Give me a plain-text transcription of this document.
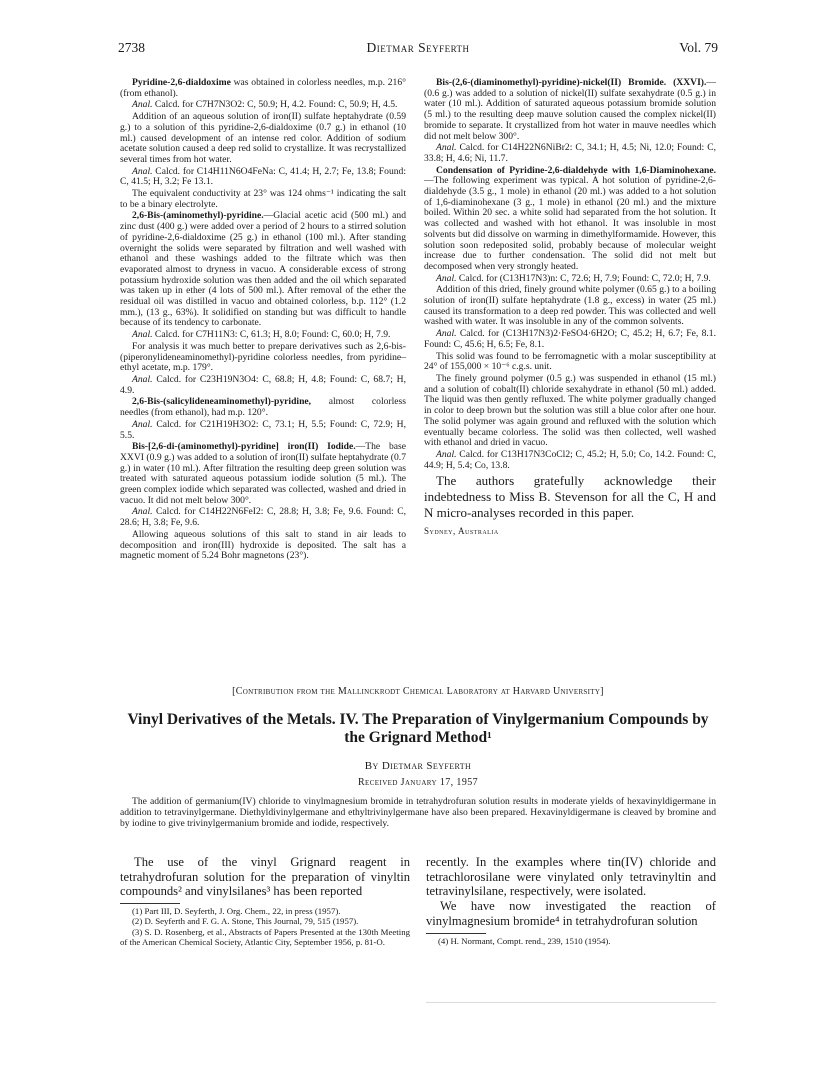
2738	Dietmar Seyferth	Vol. 79

Pyridine-2,6-dialdoxime was obtained in colorless needles, m.p. 216° (from ethanol).

Anal. Calcd. for C7H7N3O2: C, 50.9; H, 4.2. Found: C, 50.9; H, 4.5.

Addition of an aqueous solution of iron(II) sulfate heptahydrate (0.59 g.) to a solution of this pyridine-2,6-dialdoxime (0.7 g.) in ethanol (10 ml.) caused development of an intense red color. Addition of sodium acetate solution caused a deep red solid to crystallize. It was recrystallized several times from hot water.

Anal. Calcd. for C14H11N6O4FeNa: C, 41.4; H, 2.7; Fe, 13.8; Found: C, 41.5; H, 3.2; Fe 13.1.

The equivalent conductivity at 23° was 124 ohms⁻¹ indicating the salt to be a binary electrolyte.

2,6-Bis-(aminomethyl)-pyridine.—Glacial acetic acid (500 ml.) and zinc dust (400 g.) were added over a period of 2 hours to a stirred solution of pyridine-2,6-dialdoxime (25 g.) in ethanol (100 ml.). After standing overnight the solids were separated by filtration and well washed with ethanol and these washings added to the filtrate which was then evaporated almost to dryness in vacuo. A considerable excess of strong potassium hydroxide solution was then added and the oil which separated was taken up in ether (4 lots of 500 ml.). After removal of the ether the residual oil was distilled in vacuo and obtained colorless, b.p. 112° (1.2 mm.), (13 g., 63%). It solidified on standing but was difficult to handle because of its tendency to carbonate.

Anal. Calcd. for C7H11N3: C, 61.3; H, 8.0; Found: C, 60.0; H, 7.9.

For analysis it was much better to prepare derivatives such as 2,6-bis-(piperonylideneaminomethyl)-pyridine colorless needles, from pyridine–ethyl acetate, m.p. 179°.

Anal. Calcd. for C23H19N3O4: C, 68.8; H, 4.8; Found: C, 68.7; H, 4.9.

2,6-Bis-(salicylideneaminomethyl)-pyridine, almost colorless needles (from ethanol), had m.p. 120°.

Anal. Calcd. for C21H19H3O2: C, 73.1; H, 5.5; Found: C, 72.9; H, 5.5.

Bis-[2,6-di-(aminomethyl)-pyridine] iron(II) Iodide.—The base XXVI (0.9 g.) was added to a solution of iron(II) sulfate heptahydrate (0.7 g.) in water (10 ml.). After filtration the resulting deep green solution was treated with saturated aqueous potassium iodide solution (5 ml.). The green complex iodide which separated was collected, washed and dried in vacuo. It did not melt below 300°.

Anal. Calcd. for C14H22N6FeI2: C, 28.8; H, 3.8; Fe, 9.6. Found: C, 28.6; H, 3.8; Fe, 9.6.

Allowing aqueous solutions of this salt to stand in air leads to decomposition and iron(III) hydroxide is deposited. The salt has a magnetic moment of 5.24 Bohr magnetons (23°).

Bis-(2,6-(diaminomethyl)-pyridine)-nickel(II) Bromide. (XXVI).—(0.6 g.) was added to a solution of nickel(II) sulfate sexahydrate (0.5 g.) in water (10 ml.). Addition of saturated aqueous potassium bromide solution (5 ml.) to the resulting deep mauve solution caused the complex nickel(II) bromide to separate. It crystallized from hot water in mauve needles which did not melt below 300°.

Anal. Calcd. for C14H22N6NiBr2: C, 34.1; H, 4.5; Ni, 12.0; Found: C, 33.8; H, 4.6; Ni, 11.7.

Condensation of Pyridine-2,6-dialdehyde with 1,6-Diaminohexane.—The following experiment was typical. A hot solution of pyridine-2,6-dialdehyde (3.5 g., 1 mole) in ethanol (20 ml.) was added to a hot solution of 1,6-diaminohexane (3 g., 1 mole) in ethanol (20 ml.) and the mixture boiled. Within 20 sec. a white solid had separated from the hot solution. It was collected and washed with hot ethanol. It was insoluble in most solvents but did dissolve on warming in dimethylformamide. However, this solution soon redeposited solid, probably because of molecular weight increase due to further condensation. The solid did not melt but decomposed when very strongly heated.

Anal. Calcd. for (C13H17N3)n: C, 72.6; H, 7.9; Found: C, 72.0; H, 7.9.

Addition of this dried, finely ground white polymer (0.65 g.) to a boiling solution of iron(II) sulfate heptahydrate (1.8 g., excess) in water (25 ml.) caused its transformation to a deep red powder. This was collected and well washed with water. It was insoluble in any of the common solvents.

Anal. Calcd. for (C13H17N3)2·FeSO4·6H2O; C, 45.2; H, 6.7; Fe, 8.1. Found: C, 45.6; H, 6.5; Fe, 8.1.

This solid was found to be ferromagnetic with a molar susceptibility at 24° of 155,000 × 10⁻⁶ c.g.s. unit.

The finely ground polymer (0.5 g.) was suspended in ethanol (15 ml.) and a solution of cobalt(II) chloride sexahydrate in ethanol (50 ml.) added. The liquid was then gently refluxed. The white polymer gradually changed in color to deep brown but the solution was still a blue color after one hour. The solid polymer was again ground and refluxed with the solution which eventually became colorless. The solid was then collected, well washed with ethanol and dried in vacuo.

Anal. Calcd. for C13H17N3CoCl2; C, 45.2; H, 5.0; Co, 14.2. Found: C, 44.9; H, 5.4; Co, 13.8.

The authors gratefully acknowledge their indebtedness to Miss B. Stevenson for all the C, H and N micro-analyses recorded in this paper.

Sydney, Australia

[Contribution from the Mallinckrodt Chemical Laboratory at Harvard University]
Vinyl Derivatives of the Metals. IV. The Preparation of Vinylgermanium Compounds by the Grignard Method¹
By Dietmar Seyferth
Received January 17, 1957

The addition of germanium(IV) chloride to vinylmagnesium bromide in tetrahydrofuran solution results in moderate yields of hexavinyldigermane in addition to tetravinylgermane. Diethyldivinylgermane and ethyltrivinylgermane have also been prepared. Hexavinyldigermane is cleaved by bromine and by iodine to give trivinylgermanium bromide and iodide, respectively.

The use of the vinyl Grignard reagent in tetrahydrofuran solution for the preparation of vinyltin compounds² and vinylsilanes³ has been reported

(1) Part III, D. Seyferth, J. Org. Chem., 22, in press (1957).
(2) D. Seyferth and F. G. A. Stone, This Journal, 79, 515 (1957).
(3) S. D. Rosenberg, et al., Abstracts of Papers Presented at the 130th Meeting of the American Chemical Society, Atlantic City, September 1956, p. 81-O.

recently. In the examples where tin(IV) chloride and tetrachlorosilane were vinylated only tetravinyltin and tetravinylsilane, respectively, were isolated.

We have now investigated the reaction of vinylmagnesium bromide⁴ in tetrahydrofuran solution

(4) H. Normant, Compt. rend., 239, 1510 (1954).
